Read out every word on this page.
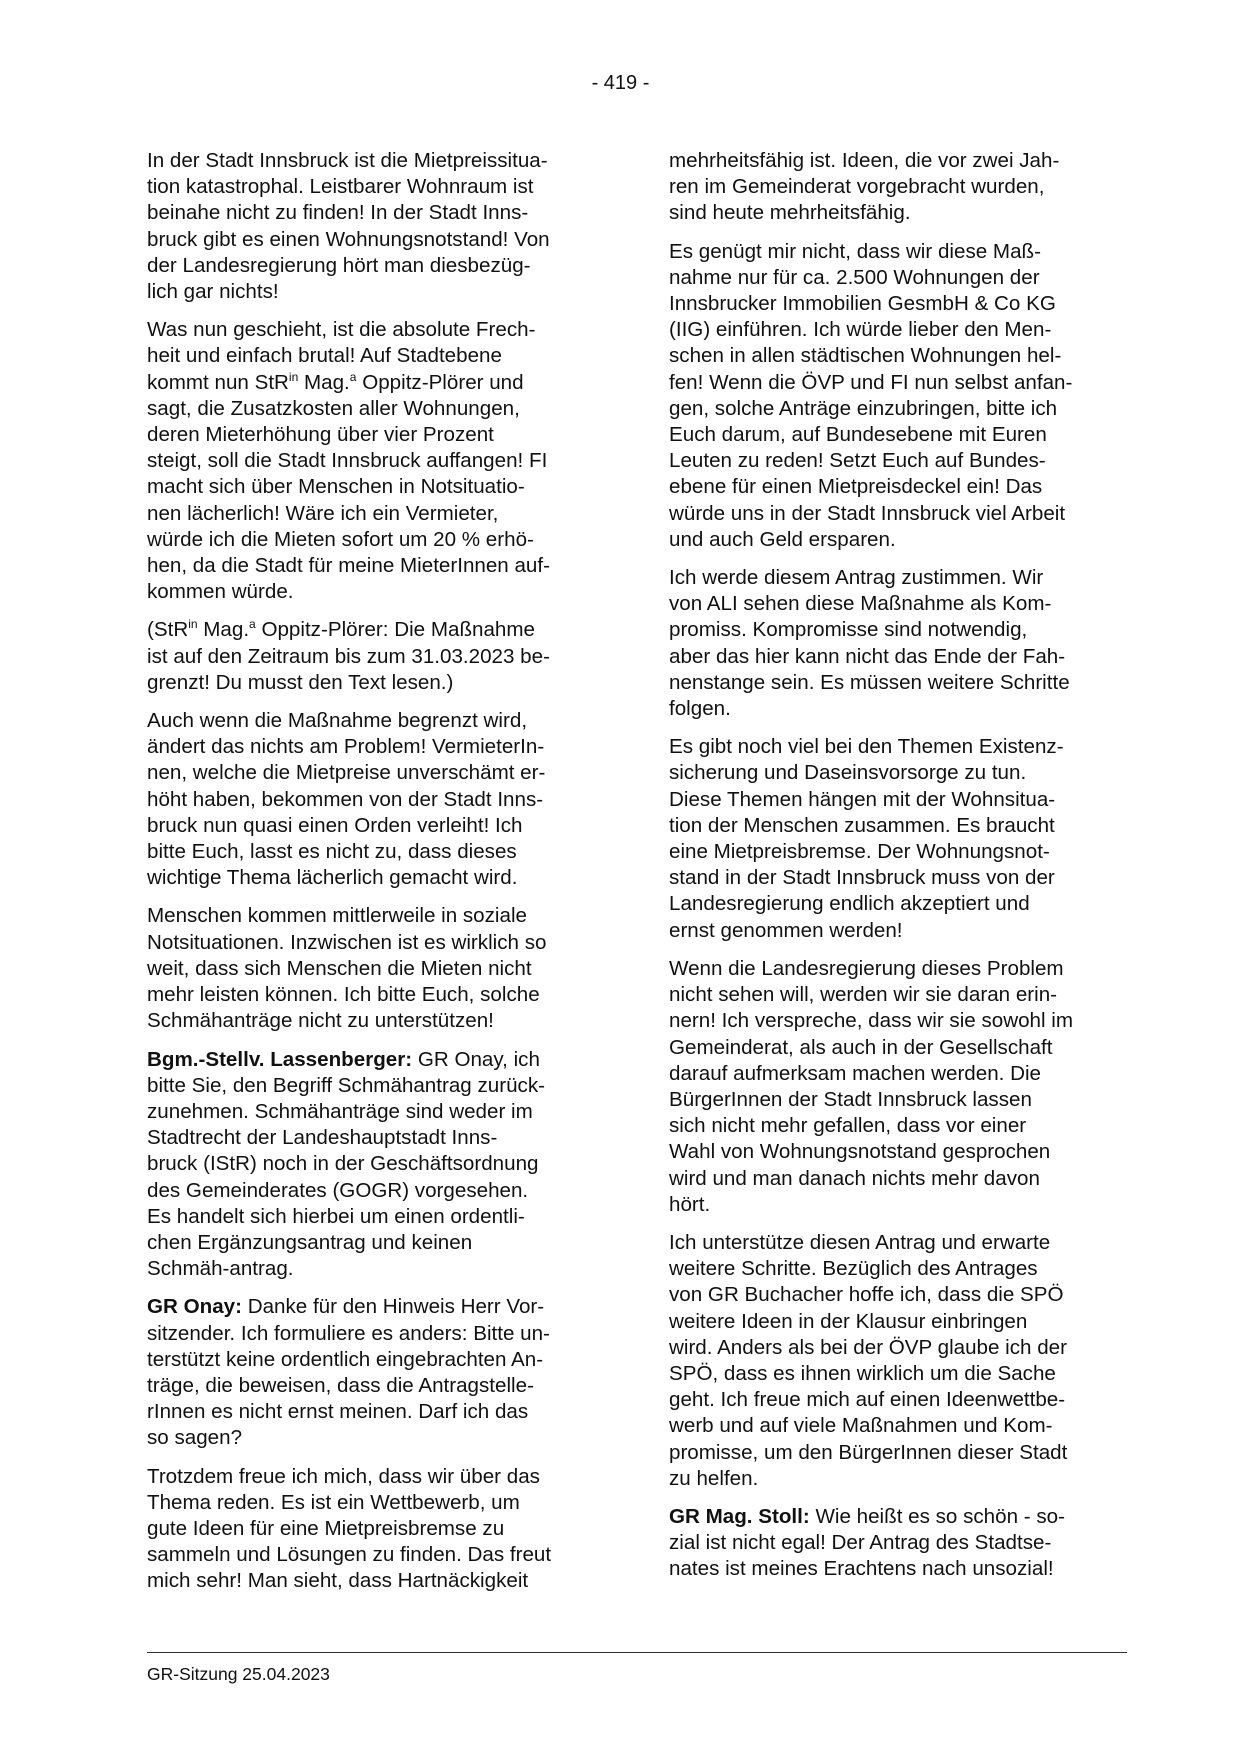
- 419 -

In der Stadt Innsbruck ist die Mietpreissitua-
tion katastrophal. Leistbarer Wohnraum ist
beinahe nicht zu finden! In der Stadt Inns-
bruck gibt es einen Wohnungsnotstand! Von
der Landesregierung hört man diesbezüg-
lich gar nichts!

Was nun geschieht, ist die absolute Frech-
heit und einfach brutal! Auf Stadtebene
kommt nun StR$^{in}$ Mag.$^a$ Oppitz-Plörer und
sagt, die Zusatzkosten aller Wohnungen,
deren Mieterhöhung über vier Prozent
steigt, soll die Stadt Innsbruck auffangen! FI
macht sich über Menschen in Notsituatio-
nen lächerlich! Wäre ich ein Vermieter,
würde ich die Mieten sofort um 20 % erhö-
hen, da die Stadt für meine MieterInnen auf-
kommen würde.

(StR$^{in}$ Mag.$^a$ Oppitz-Plörer: Die Maßnahme
ist auf den Zeitraum bis zum 31.03.2023 be-
grenzt! Du musst den Text lesen.)

Auch wenn die Maßnahme begrenzt wird,
ändert das nichts am Problem! VermieterIn-
nen, welche die Mietpreise unverschämt er-
höht haben, bekommen von der Stadt Inns-
bruck nun quasi einen Orden verleiht! Ich
bitte Euch, lasst es nicht zu, dass dieses
wichtige Thema lächerlich gemacht wird.

Menschen kommen mittlerweile in soziale
Notsituationen. Inzwischen ist es wirklich so
weit, dass sich Menschen die Mieten nicht
mehr leisten können. Ich bitte Euch, solche
Schmähanträge nicht zu unterstützen!

Bgm.-Stellv. Lassenberger: GR Onay, ich
bitte Sie, den Begriff Schmähantrag zurück-
zunehmen. Schmähanträge sind weder im
Stadtrecht der Landeshauptstadt Inns-
bruck (IStR) noch in der Geschäftsordnung
des Gemeinderates (GOGR) vorgesehen.
Es handelt sich hierbei um einen ordentli-
chen Ergänzungsantrag und keinen
Schmäh-antrag.

GR Onay: Danke für den Hinweis Herr Vor-
sitzender. Ich formuliere es anders: Bitte un-
terstützt keine ordentlich eingebrachten An-
träge, die beweisen, dass die Antragstelle-
rInnen es nicht ernst meinen. Darf ich das
so sagen?

Trotzdem freue ich mich, dass wir über das
Thema reden. Es ist ein Wettbewerb, um
gute Ideen für eine Mietpreisbremse zu
sammeln und Lösungen zu finden. Das freut
mich sehr! Man sieht, dass Hartnäckigkeit

mehrheitsfähig ist. Ideen, die vor zwei Jah-
ren im Gemeinderat vorgebracht wurden,
sind heute mehrheitsfähig.

Es genügt mir nicht, dass wir diese Maß-
nahme nur für ca. 2.500 Wohnungen der
Innsbrucker Immobilien GesmbH & Co KG
(IIG) einführen. Ich würde lieber den Men-
schen in allen städtischen Wohnungen hel-
fen! Wenn die ÖVP und FI nun selbst anfan-
gen, solche Anträge einzubringen, bitte ich
Euch darum, auf Bundesebene mit Euren
Leuten zu reden! Setzt Euch auf Bundes-
ebene für einen Mietpreisdeckel ein! Das
würde uns in der Stadt Innsbruck viel Arbeit
und auch Geld ersparen.

Ich werde diesem Antrag zustimmen. Wir
von ALI sehen diese Maßnahme als Kom-
promiss. Kompromisse sind notwendig,
aber das hier kann nicht das Ende der Fah-
nenstange sein. Es müssen weitere Schritte
folgen.

Es gibt noch viel bei den Themen Existenz-
sicherung und Daseinsvorsorge zu tun.
Diese Themen hängen mit der Wohnsitua-
tion der Menschen zusammen. Es braucht
eine Mietpreisbremse. Der Wohnungsnot-
stand in der Stadt Innsbruck muss von der
Landesregierung endlich akzeptiert und
ernst genommen werden!

Wenn die Landesregierung dieses Problem
nicht sehen will, werden wir sie daran erin-
nern! Ich verspreche, dass wir sie sowohl im
Gemeinderat, als auch in der Gesellschaft
darauf aufmerksam machen werden. Die
BürgerInnen der Stadt Innsbruck lassen
sich nicht mehr gefallen, dass vor einer
Wahl von Wohnungsnotstand gesprochen
wird und man danach nichts mehr davon
hört.

Ich unterstütze diesen Antrag und erwarte
weitere Schritte. Bezüglich des Antrages
von GR Buchacher hoffe ich, dass die SPÖ
weitere Ideen in der Klausur einbringen
wird. Anders als bei der ÖVP glaube ich der
SPÖ, dass es ihnen wirklich um die Sache
geht. Ich freue mich auf einen Ideenwettbe-
werb und auf viele Maßnahmen und Kom-
promisse, um den BürgerInnen dieser Stadt
zu helfen.

GR Mag. Stoll: Wie heißt es so schön - so-
zial ist nicht egal! Der Antrag des Stadtse-
nates ist meines Erachtens nach unsozial!

GR-Sitzung 25.04.2023
